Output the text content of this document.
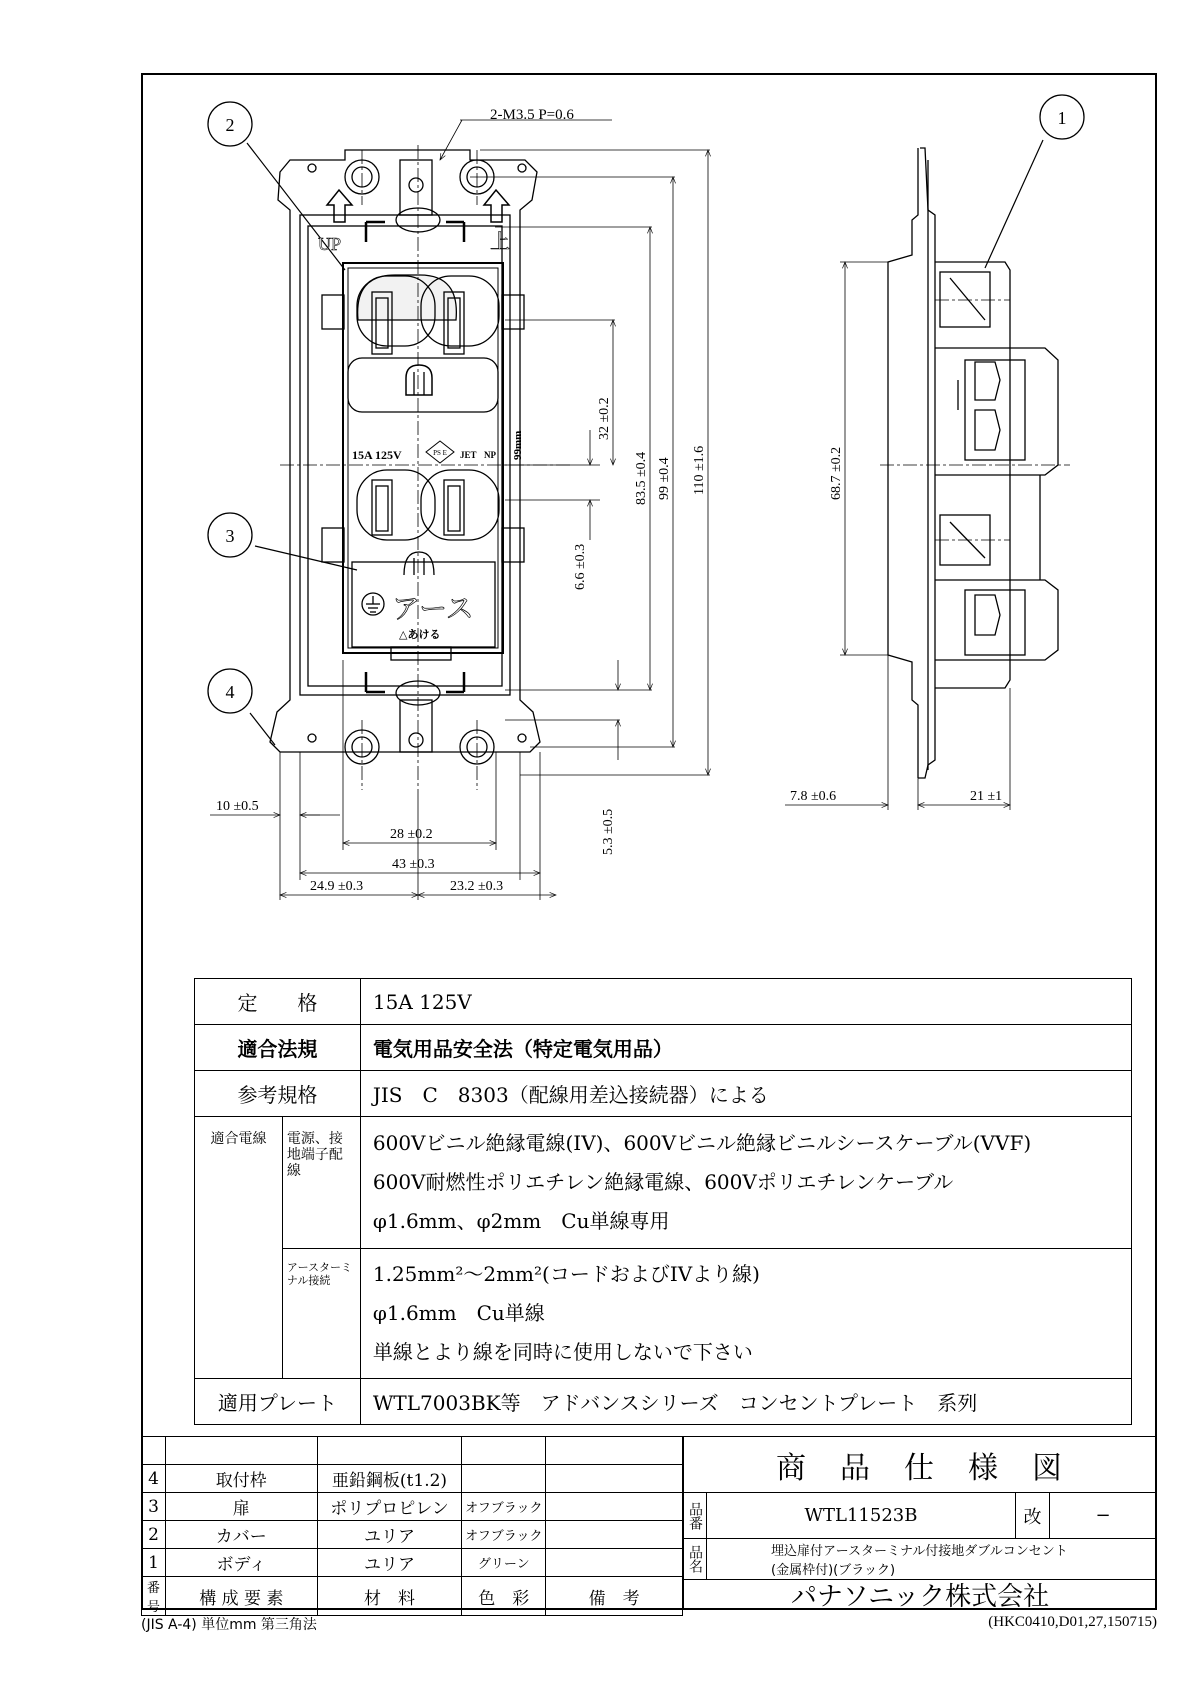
2
3
4
1
2-M3.5 P=0.6
UP	上
15A 125V	PS E JET NP 99mm
アース
△あける
32 ±0.2
83.5 ±0.4 99 ±0.4 110 ±1.6
6.6 ±0.3
5.3 ±0.5
10 ±0.5
28 ±0.2
43 ±0.3
24.9 ±0.3	23.2 ±0.3
68.7 ±0.2
7.8 ±0.6	21 ±1
定　　格		15A 125V
適合法規		電気用品安全法（特定電気用品）
参考規格		JIS　C　8303（配線用差込接続器）による
適合電線	電源、接地端子配線	600Vビニル絶縁電線(IV)、600Vビニル絶縁ビニルシースケーブル(VVF)
600V耐燃性ポリエチレン絶縁電線、600Vポリエチレンケーブル
φ1.6mm、φ2mm　Cu単線専用

	アースターミナル接続	1.25mm²〜2mm²(コードおよびIVより線)
φ1.6mm　Cu単線
単線とより線を同時に使用しないで下さい

適用プレート		WTL7003BK等　アドバンスシリーズ　コンセントプレート　系列

4	取付枠	亜鉛鋼板(t1.2)		
3	扉	ポリプロピレン	オフブラック	
2	カバー	ユリア	オフブラック	
1	ボディ	ユリア	グリーン	
番号	構 成 要 素	材　料	色　彩	備　考
商　品　仕　様　図
品番	WTL11523B	改	−
品名	埋込扉付アースターミナル付接地ダブルコンセント
(金属枠付)(ブラック)
パナソニック株式会社
(JIS A-4) 単位mm 第三角法	(HKC0410,D01,27,150715)
